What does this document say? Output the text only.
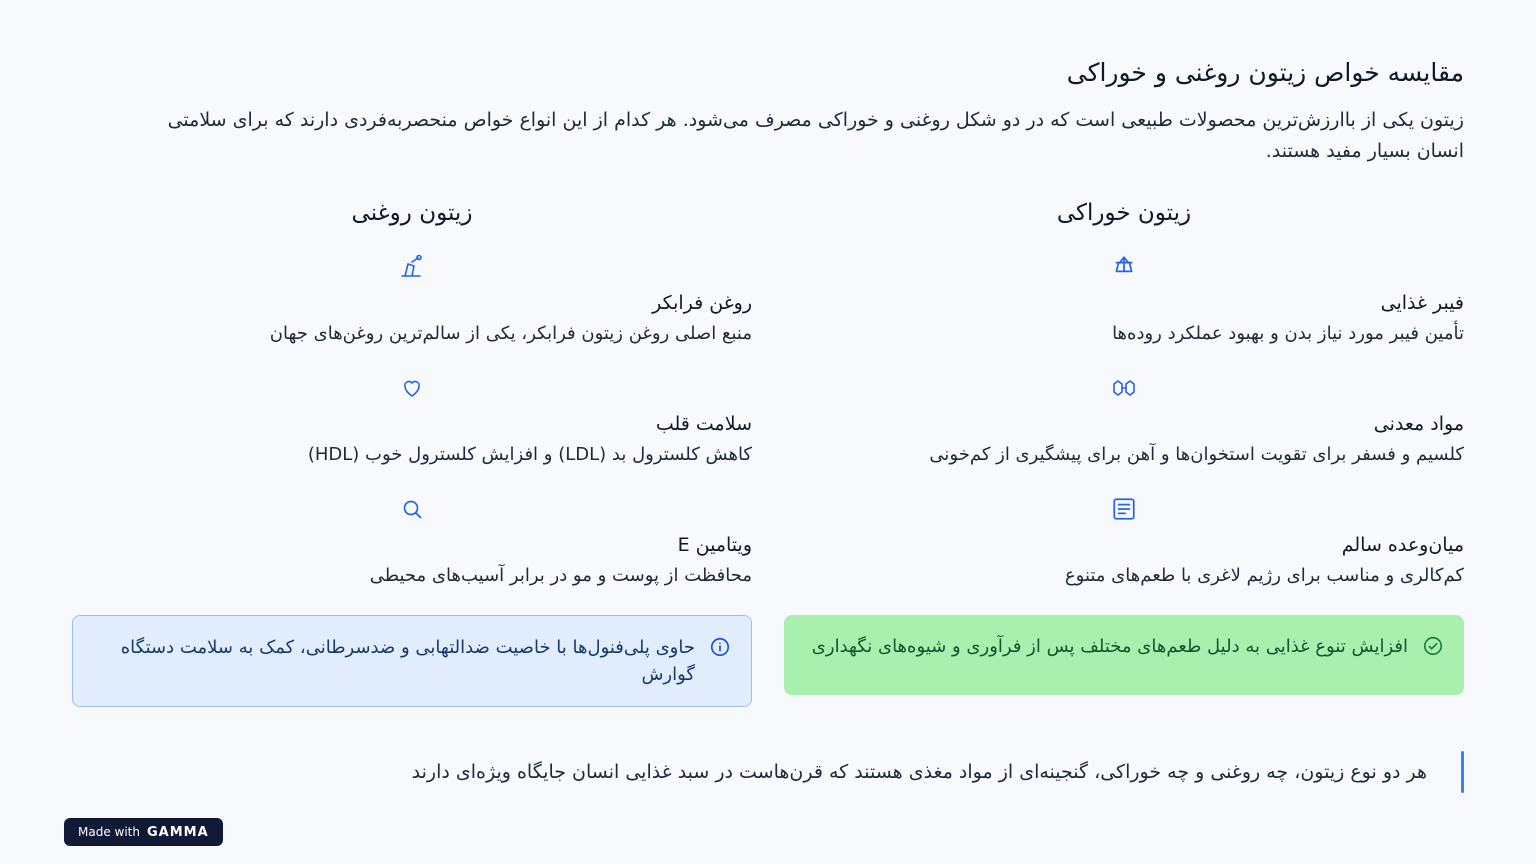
مقایسه خواص زیتون روغنی و خوراکی

زیتون یکی از باارزش‌ترین محصولات طبیعی است که در دو شکل روغنی و خوراکی مصرف می‌شود. هر کدام از این انواع خواص منحصربه‌فردی دارند که برای سلامتی انسان بسیار مفید هستند.

زیتون خوراکی
فیبر غذایی
تأمین فیبر مورد نیاز بدن و بهبود عملکرد روده‌ها
مواد معدنی
کلسیم و فسفر برای تقویت استخوان‌ها و آهن برای پیشگیری از کم‌خونی
میان‌وعده سالم
کم‌کالری و مناسب برای رژیم لاغری با طعم‌های متنوع
افزایش تنوع غذایی به دلیل طعم‌های مختلف پس از فرآوری و شیوه‌های نگهداری
زیتون روغنی
روغن فرابکر
منبع اصلی روغن زیتون فرابکر، یکی از سالم‌ترین روغن‌های جهان
سلامت قلب
کاهش کلسترول بد (LDL) و افزایش کلسترول خوب (HDL)
ویتامین E
محافظت از پوست و مو در برابر آسیب‌های محیطی
حاوی پلی‌فنول‌ها با خاصیت ضدالتهابی و ضدسرطانی، کمک به سلامت دستگاه گوارش
هر دو نوع زیتون، چه روغنی و چه خوراکی، گنجینه‌ای از مواد مغذی هستند که قرن‌هاست در سبد غذایی انسان جایگاه ویژه‌ای دارند
Made with GAMMA
